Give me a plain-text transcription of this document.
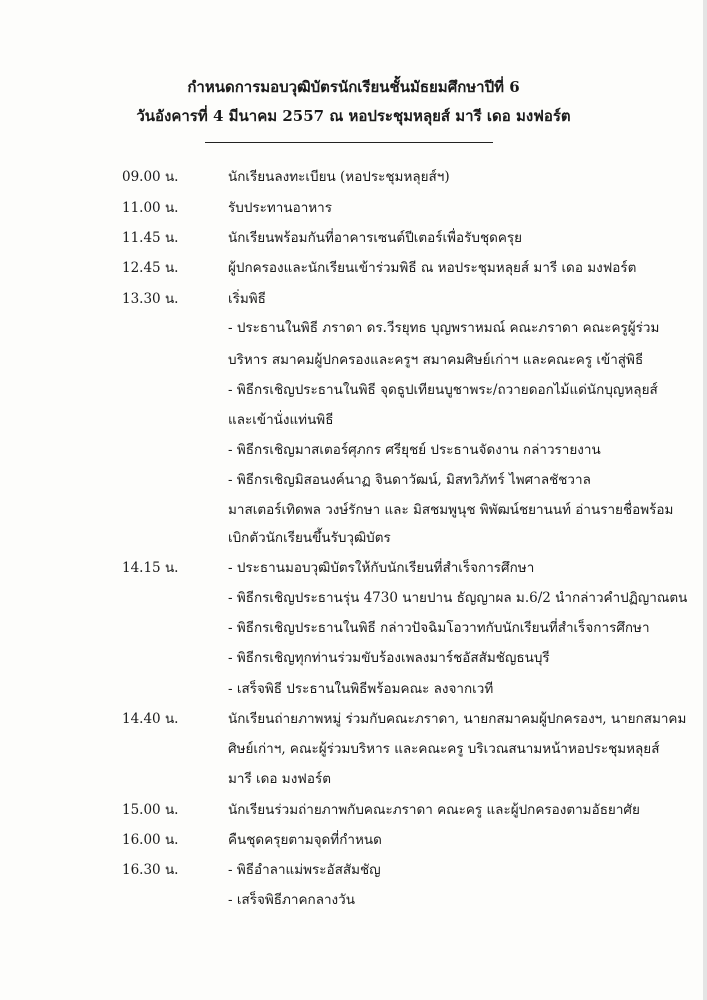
กำหนดการมอบวุฒิบัตรนักเรียนชั้นมัธยมศึกษาปีที่ 6
วันอังคารที่ 4 มีนาคม 2557 ณ หอประชุมหลุยส์ มารี เดอ มงฟอร์ต
09.00 น.	นักเรียนลงทะเบียน (หอประชุมหลุยส์ฯ)
11.00 น.	รับประทานอาหาร
11.45 น.	นักเรียนพร้อมกันที่อาคารเซนต์ปีเตอร์เพื่อรับชุดครุย
12.45 น.	ผู้ปกครองและนักเรียนเข้าร่วมพิธี ณ หอประชุมหลุยส์ มารี เดอ มงฟอร์ต
13.30 น.	เริ่มพิธี
- ประธานในพิธี ภราดา ดร.วีรยุทธ บุญพราหมณ์ คณะภราดา คณะครูผู้ร่วม
บริหาร สมาคมผู้ปกครองและครูฯ สมาคมศิษย์เก่าฯ และคณะครู เข้าสู่พิธี
- พิธีกรเชิญประธานในพิธี จุดธูปเทียนบูชาพระ/ถวายดอกไม้แด่นักบุญหลุยส์
และเข้านั่งแท่นพิธี
- พิธีกรเชิญมาสเตอร์ศุภกร ศรียุชย์ ประธานจัดงาน กล่าวรายงาน
- พิธีกรเชิญมิสอนงค์นาฏ จินดาวัฒน์, มิสทวิภัทร์ ไพศาลชัชวาล
มาสเตอร์เทิดพล วงษ์รักษา และ มิสชมพูนุช พิพัฒน์ชยานนท์ อ่านรายชื่อพร้อม
เบิกตัวนักเรียนขึ้นรับวุฒิบัตร
14.15 น.	- ประธานมอบวุฒิบัตรให้กับนักเรียนที่สำเร็จการศึกษา
- พิธีกรเชิญประธานรุ่น 4730 นายปาน ธัญญาผล ม.6/2 นำกล่าวคำปฏิญาณตน
- พิธีกรเชิญประธานในพิธี กล่าวปัจฉิมโอวาทกับนักเรียนที่สำเร็จการศึกษา
- พิธีกรเชิญทุกท่านร่วมขับร้องเพลงมาร์ชอัสสัมชัญธนบุรี
- เสร็จพิธี ประธานในพิธีพร้อมคณะ ลงจากเวที
14.40 น.	นักเรียนถ่ายภาพหมู่ ร่วมกับคณะภราดา, นายกสมาคมผู้ปกครองฯ, นายกสมาคม
ศิษย์เก่าฯ, คณะผู้ร่วมบริหาร และคณะครู บริเวณสนามหน้าหอประชุมหลุยส์
มารี เดอ มงฟอร์ต
15.00 น.	นักเรียนร่วมถ่ายภาพกับคณะภราดา คณะครู และผู้ปกครองตามอัธยาศัย
16.00 น.	คืนชุดครุยตามจุดที่กำหนด
16.30 น.	- พิธีอำลาแม่พระอัสสัมชัญ
- เสร็จพิธีภาคกลางวัน
